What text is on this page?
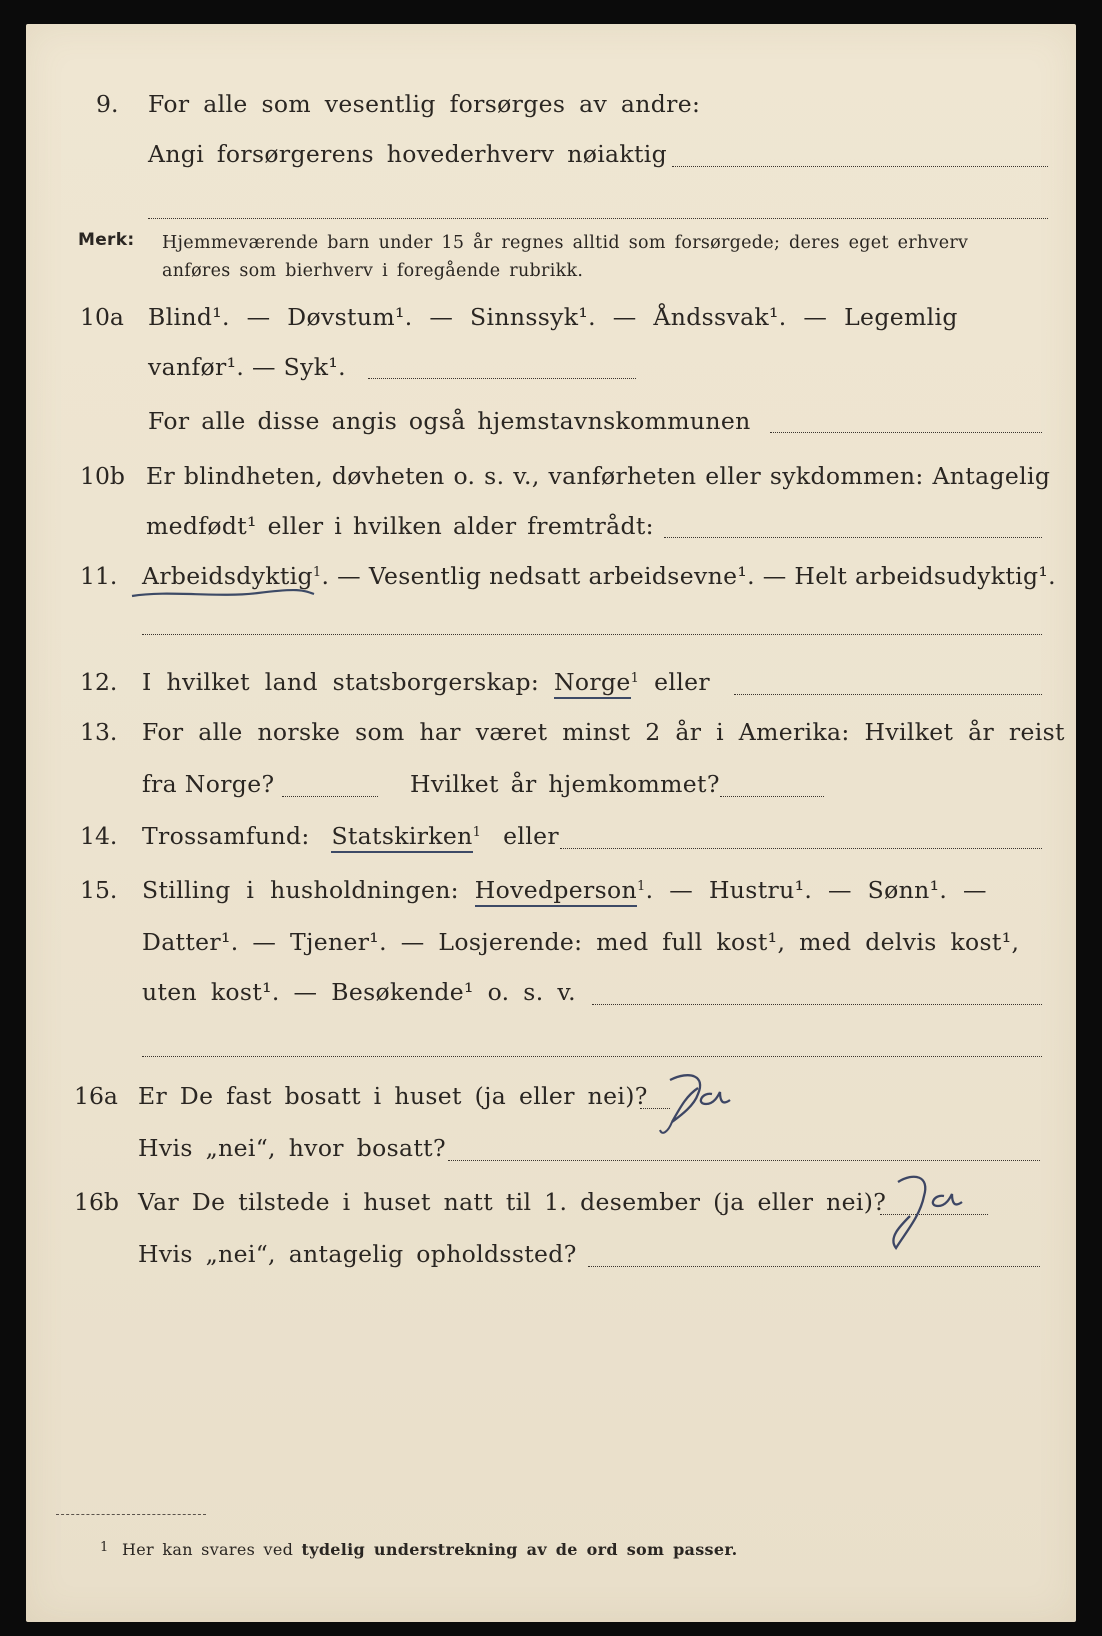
9. For alle som vesentlig forsørges av andre:
Angi forsørgerens hovederhverv nøiaktig
Merk: Hjemmeværende barn under 15 år regnes alltid som forsørgede; deres eget erhverv
anføres som bierhverv i foregående rubrikk.
10a Blind¹. — Døvstum¹. — Sinnssyk¹. — Åndssvak¹. — Legemlig
vanfør¹. — Syk¹.
For alle disse angis også hjemstavnskommunen
10b Er blindheten, døvheten o. s. v., vanførheten eller sykdommen: Antagelig
medfødt¹ eller i hvilken alder fremtrådt:
11. Arbeidsdyktig$^1$. — Vesentlig nedsatt arbeidsevne¹. — Helt arbeidsudyktig¹.
12. I hvilket land statsborgerskap: Norge$^1$ eller
13. For alle norske som har været minst 2 år i Amerika: Hvilket år reist
fra Norge?	Hvilket år hjemkommet?
14. Trossamfund: Statskirken$^1$ eller
15. Stilling i husholdningen: Hovedperson$^1$. — Hustru¹. — Sønn¹. —
Datter¹. — Tjener¹. — Losjerende: med full kost¹, med delvis kost¹,
uten kost¹. — Besøkende¹ o. s. v.
16a Er De fast bosatt i huset (ja eller nei)?
Hvis „nei“, hvor bosatt?
16b Var De tilstede i huset natt til 1. desember (ja eller nei)?
Hvis „nei“, antagelig opholdssted?
1 Her kan svares ved tydelig understrekning av de ord som passer.
